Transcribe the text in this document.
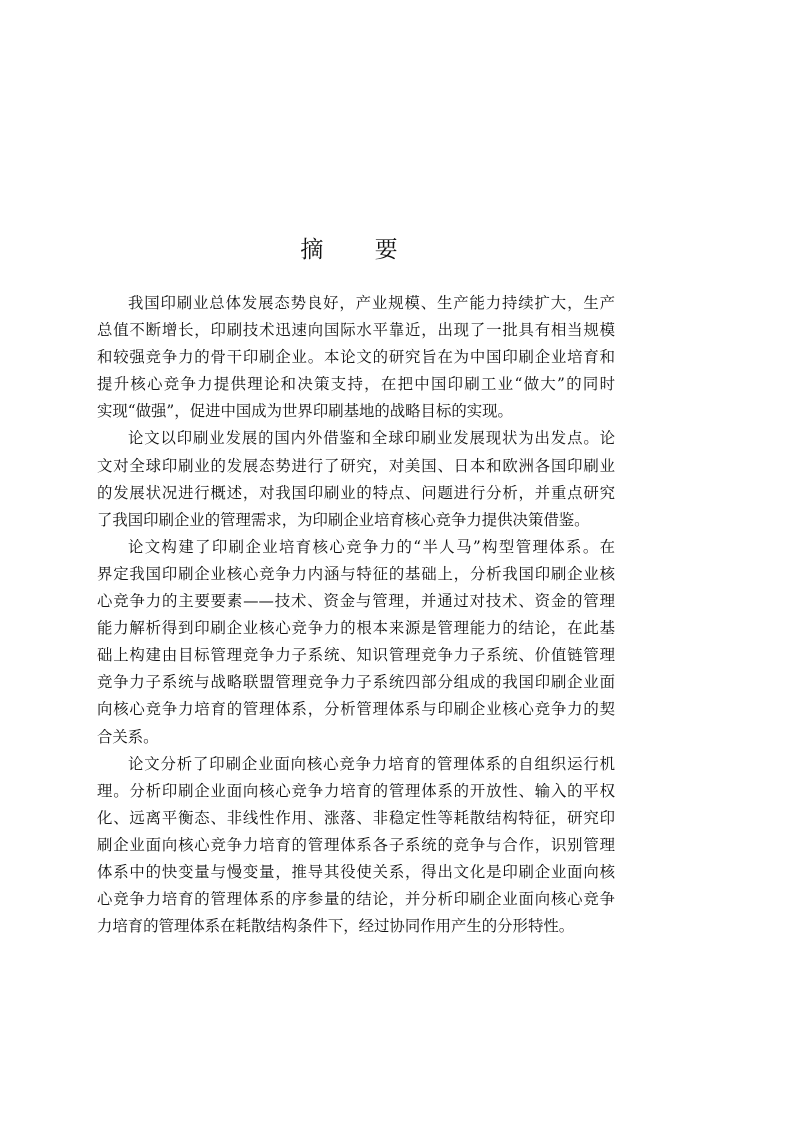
摘 要

我国印刷业总体发展态势良好，产业规模、生产能力持续扩大，生产

总值不断增长，印刷技术迅速向国际水平靠近，出现了一批具有相当规模

和较强竞争力的骨干印刷企业。本论文的研究旨在为中国印刷企业培育和

提升核心竞争力提供理论和决策支持，在把中国印刷工业“做大”的同时

实现“做强”，促进中国成为世界印刷基地的战略目标的实现。

论文以印刷业发展的国内外借鉴和全球印刷业发展现状为出发点。论

文对全球印刷业的发展态势进行了研究，对美国、日本和欧洲各国印刷业

的发展状况进行概述，对我国印刷业的特点、问题进行分析，并重点研究

了我国印刷企业的管理需求，为印刷企业培育核心竞争力提供决策借鉴。

论文构建了印刷企业培育核心竞争力的“半人马”构型管理体系。在

界定我国印刷企业核心竞争力内涵与特征的基础上，分析我国印刷企业核

心竞争力的主要要素——技术、资金与管理，并通过对技术、资金的管理

能力解析得到印刷企业核心竞争力的根本来源是管理能力的结论，在此基

础上构建由目标管理竞争力子系统、知识管理竞争力子系统、价值链管理

竞争力子系统与战略联盟管理竞争力子系统四部分组成的我国印刷企业面

向核心竞争力培育的管理体系，分析管理体系与印刷企业核心竞争力的契

合关系。

论文分析了印刷企业面向核心竞争力培育的管理体系的自组织运行机

理。分析印刷企业面向核心竞争力培育的管理体系的开放性、输入的平权

化、远离平衡态、非线性作用、涨落、非稳定性等耗散结构特征，研究印

刷企业面向核心竞争力培育的管理体系各子系统的竞争与合作，识别管理

体系中的快变量与慢变量，推导其役使关系，得出文化是印刷企业面向核

心竞争力培育的管理体系的序参量的结论，并分析印刷企业面向核心竞争

力培育的管理体系在耗散结构条件下，经过协同作用产生的分形特性。
